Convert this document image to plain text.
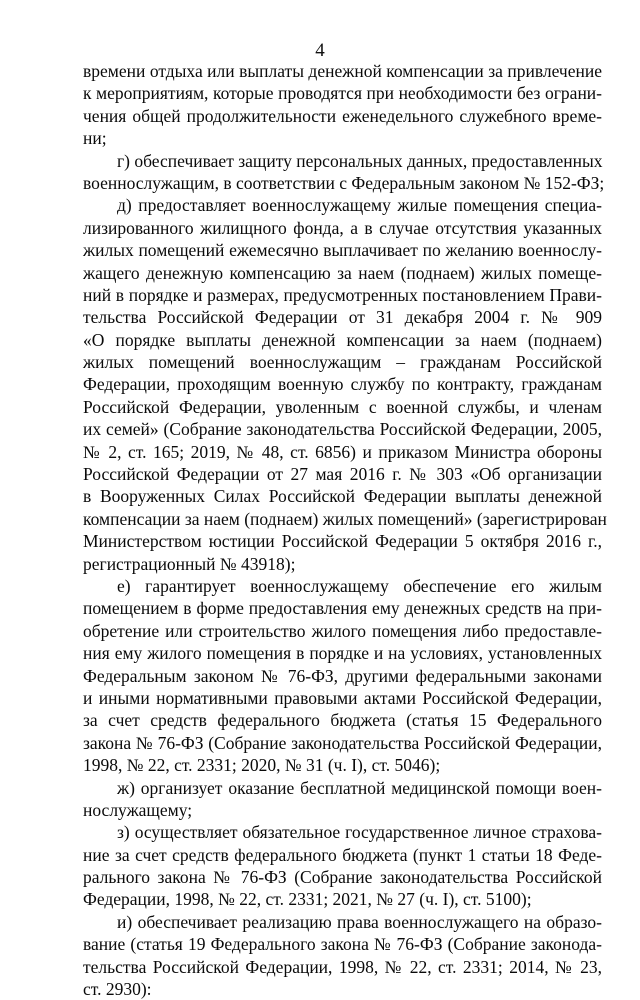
4
времени отдыха или выплаты денежной компенсации за привлечение
к мероприятиям, которые проводятся при необходимости без ограни-
чения общей продолжительности еженедельного служебного време-
ни;
г) обеспечивает защиту персональных данных, предоставленных
военнослужащим, в соответствии с Федеральным законом № 152-ФЗ;
д) предоставляет военнослужащему жилые помещения специа-
лизированного жилищного фонда, а в случае отсутствия указанных
жилых помещений ежемесячно выплачивает по желанию военнослу-
жащего денежную компенсацию за наем (поднаем) жилых помеще-
ний в порядке и размерах, предусмотренных постановлением Прави-
тельства Российской Федерации от 31 декабря 2004 г. № 909
«О порядке выплаты денежной компенсации за наем (поднаем)
жилых помещений военнослужащим – гражданам Российской
Федерации, проходящим военную службу по контракту, гражданам
Российской Федерации, уволенным с военной службы, и членам
их семей» (Собрание законодательства Российской Федерации, 2005,
№ 2, ст. 165; 2019, № 48, ст. 6856) и приказом Министра обороны
Российской Федерации от 27 мая 2016 г. № 303 «Об организации
в Вооруженных Силах Российской Федерации выплаты денежной
компенсации за наем (поднаем) жилых помещений» (зарегистрирован
Министерством юстиции Российской Федерации 5 октября 2016 г.,
регистрационный № 43918);
е) гарантирует военнослужащему обеспечение его жилым
помещением в форме предоставления ему денежных средств на при-
обретение или строительство жилого помещения либо предоставле-
ния ему жилого помещения в порядке и на условиях, установленных
Федеральным законом № 76-ФЗ, другими федеральными законами
и иными нормативными правовыми актами Российской Федерации,
за счет средств федерального бюджета (статья 15 Федерального
закона № 76-ФЗ (Собрание законодательства Российской Федерации,
1998, № 22, ст. 2331; 2020, № 31 (ч. I), ст. 5046);
ж) организует оказание бесплатной медицинской помощи воен-
нослужащему;
з) осуществляет обязательное государственное личное страхова-
ние за счет средств федерального бюджета (пункт 1 статьи 18 Феде-
рального закона № 76-ФЗ (Собрание законодательства Российской
Федерации, 1998, № 22, ст. 2331; 2021, № 27 (ч. I), ст. 5100);
и) обеспечивает реализацию права военнослужащего на образо-
вание (статья 19 Федерального закона № 76-ФЗ (Собрание законода-
тельства Российской Федерации, 1998, № 22, ст. 2331; 2014, № 23,
ст. 2930):
